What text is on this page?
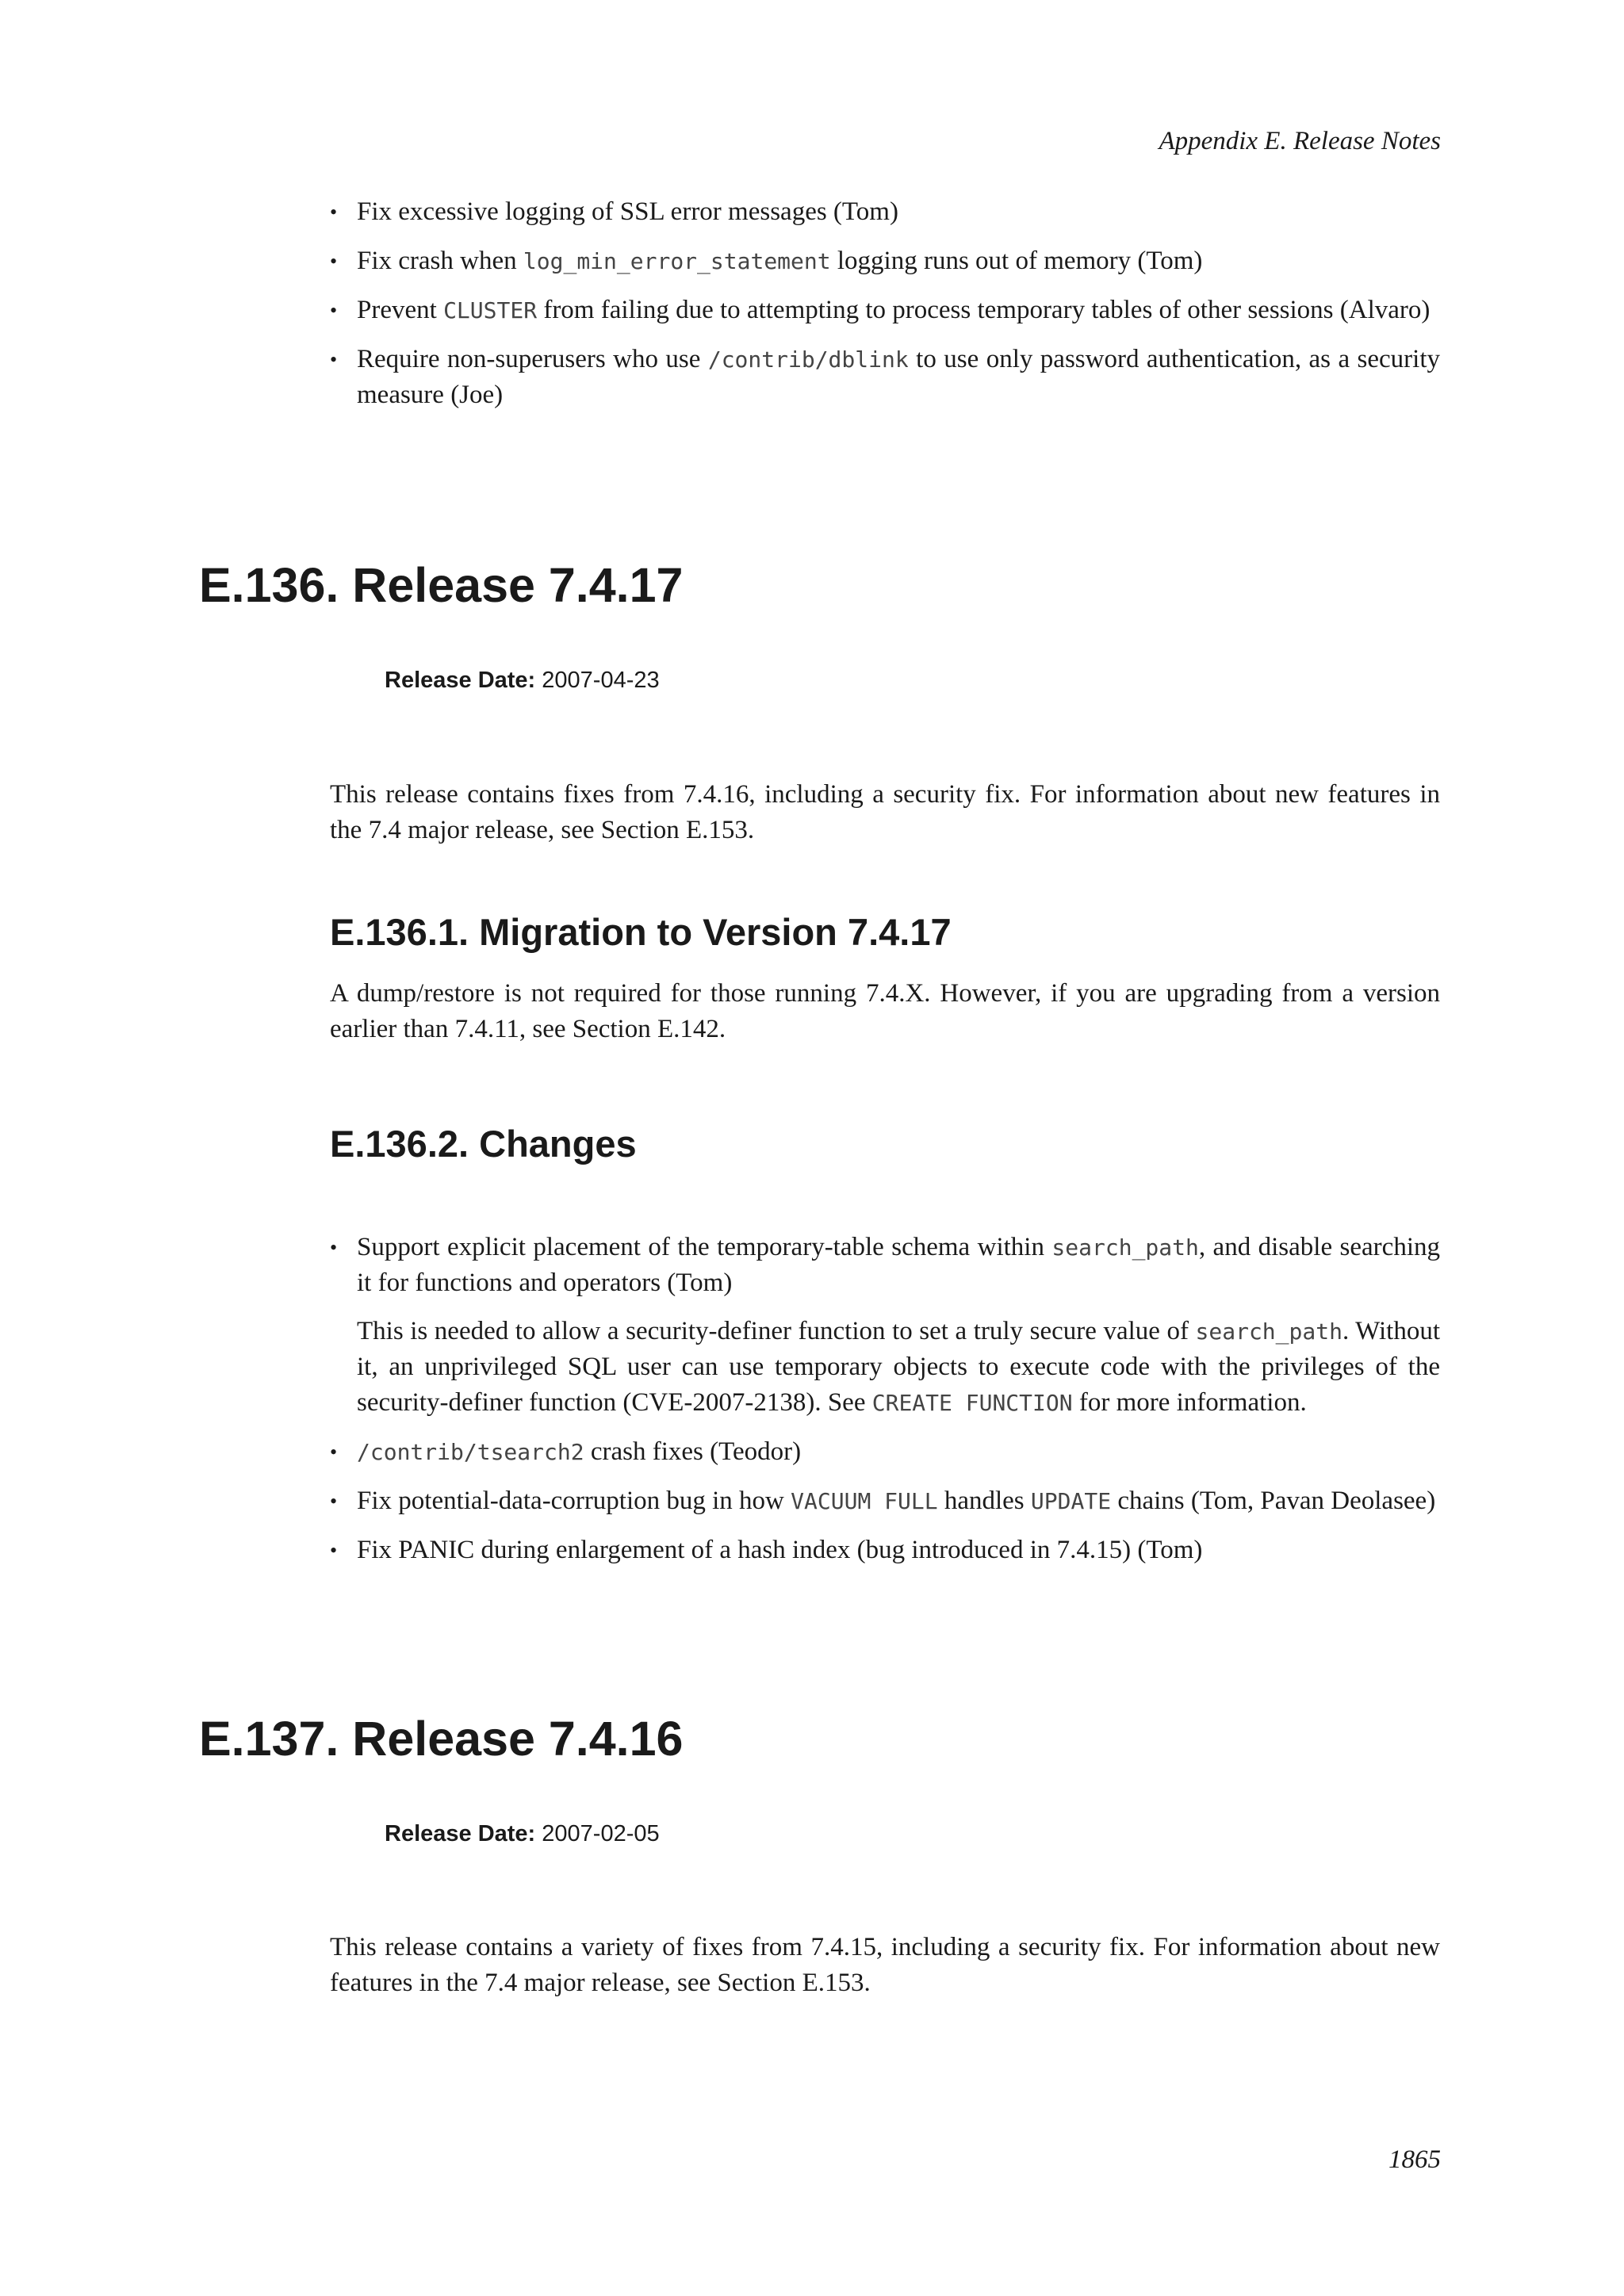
Appendix E. Release Notes
• Fix excessive logging of SSL error messages (Tom)
• Fix crash when log_min_error_statement logging runs out of memory (Tom)
• Prevent CLUSTER from failing due to attempting to process temporary tables of other sessions (Alvaro)
• Require non-superusers who use /contrib/dblink to use only password authentication, as a security measure (Joe)
E.136. Release 7.4.17
Release Date: 2007-04-23
This release contains fixes from 7.4.16, including a security fix. For information about new features in the 7.4 major release, see Section E.153.
E.136.1. Migration to Version 7.4.17
A dump/restore is not required for those running 7.4.X. However, if you are upgrading from a version earlier than 7.4.11, see Section E.142.
E.136.2. Changes
• Support explicit placement of the temporary-table schema within search_path, and disable searching it for functions and operators (Tom)

This is needed to allow a security-definer function to set a truly secure value of search_path. Without it, an unprivileged SQL user can use temporary objects to execute code with the privileges of the security-definer function (CVE-2007-2138). See CREATE FUNCTION for more information.

• /contrib/tsearch2 crash fixes (Teodor)
• Fix potential-data-corruption bug in how VACUUM FULL handles UPDATE chains (Tom, Pavan Deolasee)
• Fix PANIC during enlargement of a hash index (bug introduced in 7.4.15) (Tom)
E.137. Release 7.4.16
Release Date: 2007-02-05
This release contains a variety of fixes from 7.4.15, including a security fix. For information about new features in the 7.4 major release, see Section E.153.
1865
